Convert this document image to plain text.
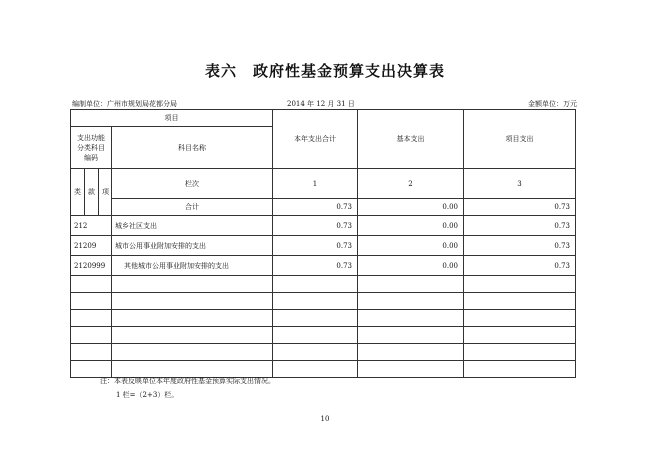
表六　政府性基金预算支出决算表
编制单位：广州市规划局花都分局	2014 年 12 月 31 日	金额单位：万元
项目				本年支出合计	基本支出	项目支出
支出功能分类科目编码			科目名称			

类	款	项	栏次	1	2	3
			合计	0.73	0.00	0.73
212			城乡社区支出	0.73	0.00	0.73
21209			城市公用事业附加安排的支出	0.73	0.00	0.73
2120999			其他城市公用事业附加安排的支出	0.73	0.00	0.73

注：本表反映单位本年度政府性基金预算实际支出情况。
1 栏=（2+3）栏。
10
